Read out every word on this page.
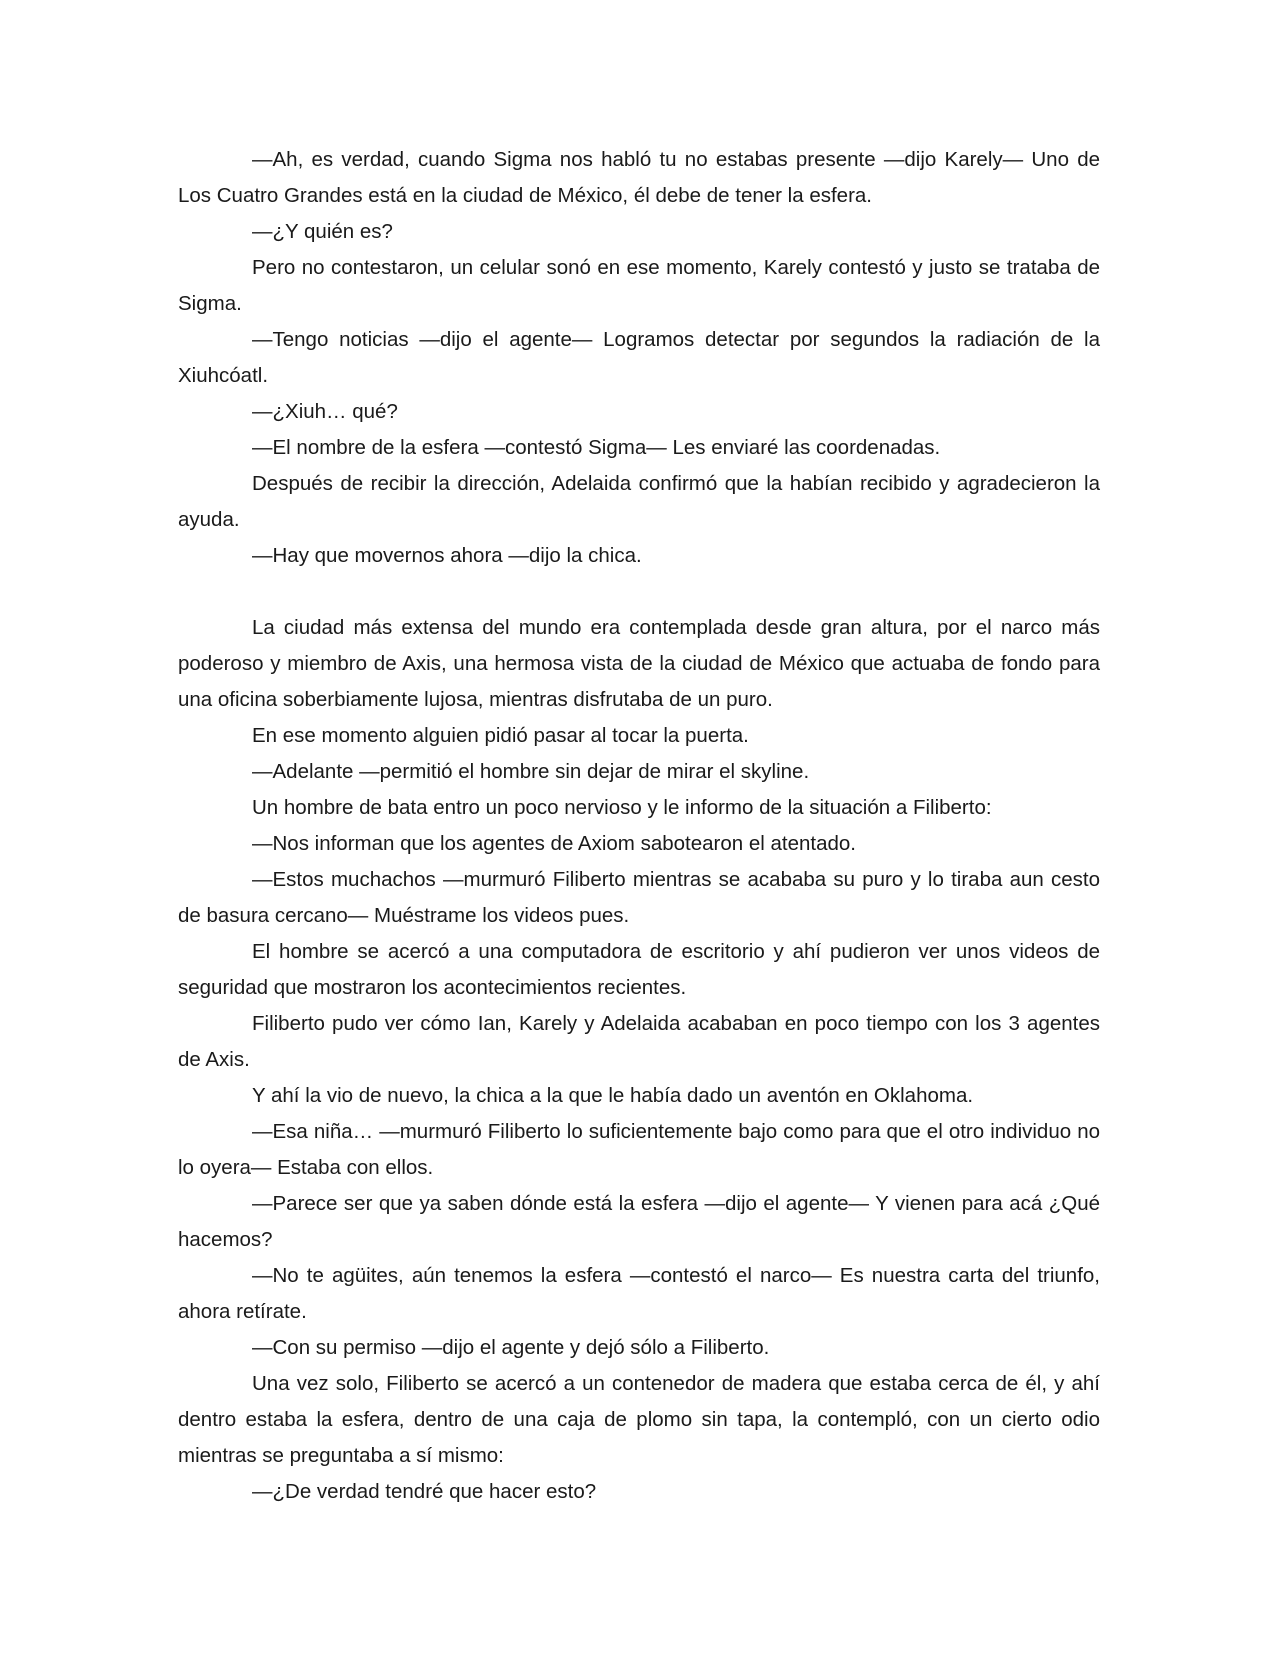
—Ah, es verdad, cuando Sigma nos habló tu no estabas presente —dijo Karely— Uno de Los Cuatro Grandes está en la ciudad de México, él debe de tener la esfera.

—¿Y quién es?

Pero no contestaron, un celular sonó en ese momento, Karely contestó y justo se trataba de Sigma.

—Tengo noticias —dijo el agente— Logramos detectar por segundos la radiación de la Xiuhcóatl.

—¿Xiuh… qué?

—El nombre de la esfera —contestó Sigma— Les enviaré las coordenadas.

Después de recibir la dirección, Adelaida confirmó que la habían recibido y agradecieron la ayuda.

—Hay que movernos ahora —dijo la chica.

La ciudad más extensa del mundo era contemplada desde gran altura, por el narco más poderoso y miembro de Axis, una hermosa vista de la ciudad de México que actuaba de fondo para una oficina soberbiamente lujosa, mientras disfrutaba de un puro.

En ese momento alguien pidió pasar al tocar la puerta.

—Adelante —permitió el hombre sin dejar de mirar el skyline.

Un hombre de bata entro un poco nervioso y le informo de la situación a Filiberto:

—Nos informan que los agentes de Axiom sabotearon el atentado.

—Estos muchachos —murmuró Filiberto mientras se acababa su puro y lo tiraba aun cesto de basura cercano— Muéstrame los videos pues.

El hombre se acercó a una computadora de escritorio y ahí pudieron ver unos videos de seguridad que mostraron los acontecimientos recientes.

Filiberto pudo ver cómo Ian, Karely y Adelaida acababan en poco tiempo con los 3 agentes de Axis.

Y ahí la vio de nuevo, la chica a la que le había dado un aventón en Oklahoma.

—Esa niña… —murmuró Filiberto lo suficientemente bajo como para que el otro individuo no lo oyera— Estaba con ellos.

—Parece ser que ya saben dónde está la esfera —dijo el agente— Y vienen para acá ¿Qué hacemos?

—No te agüites, aún tenemos la esfera —contestó el narco— Es nuestra carta del triunfo, ahora retírate.

—Con su permiso —dijo el agente y dejó sólo a Filiberto.

Una vez solo, Filiberto se acercó a un contenedor de madera que estaba cerca de él, y ahí dentro estaba la esfera, dentro de una caja de plomo sin tapa, la contempló, con un cierto odio mientras se preguntaba a sí mismo:

—¿De verdad tendré que hacer esto?
